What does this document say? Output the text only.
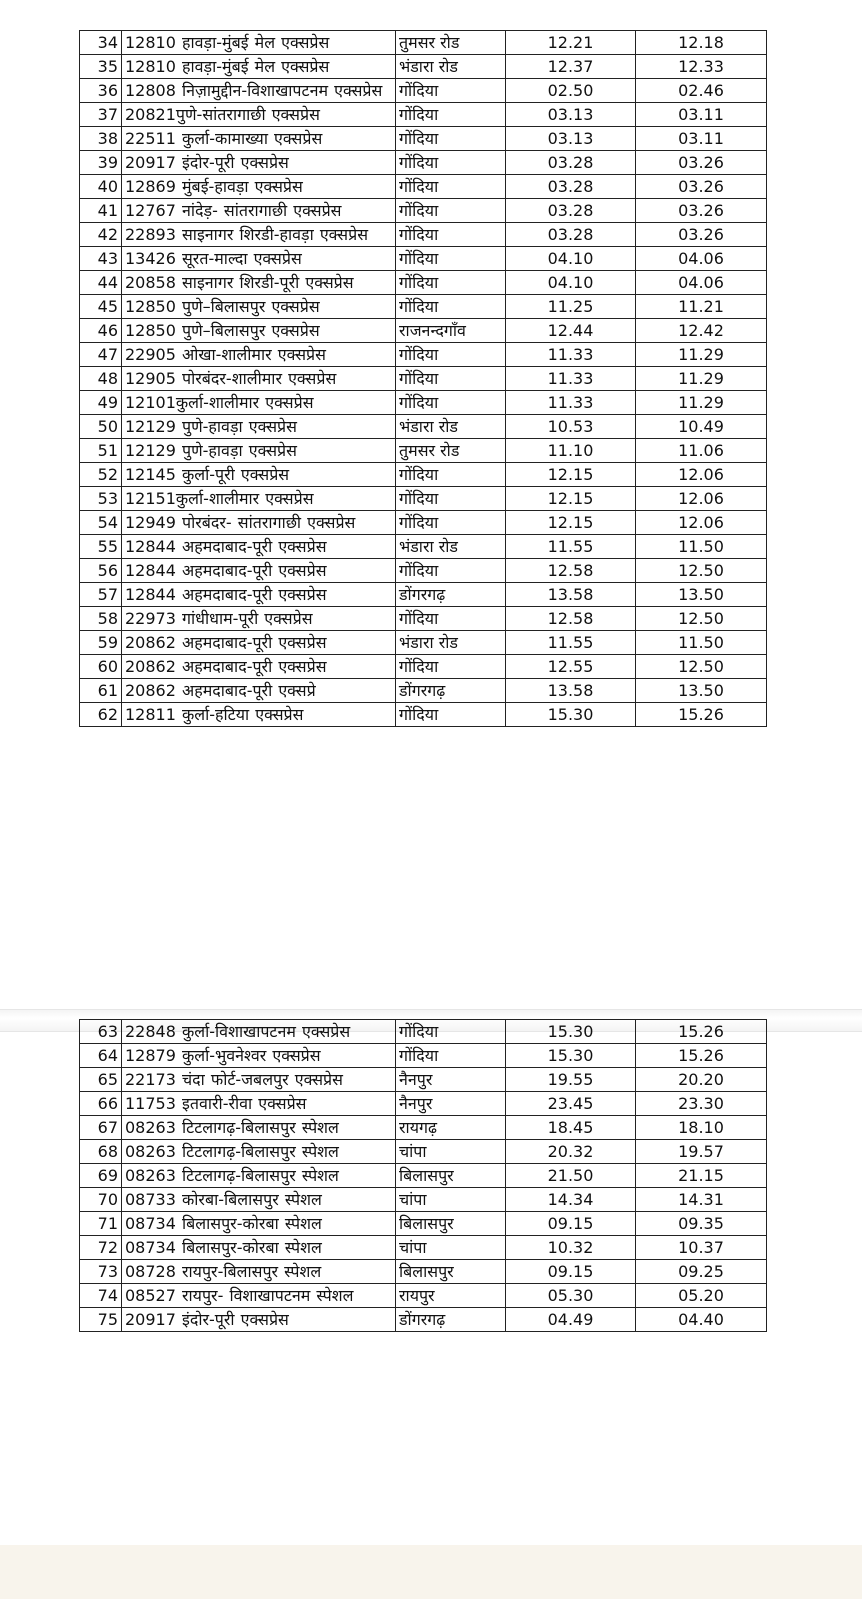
34	12810 हावड़ा-मुंबई मेल एक्सप्रेस	तुमसर रोड	12.21	12.18
35	12810 हावड़ा-मुंबई मेल एक्सप्रेस	भंडारा रोड	12.37	12.33
36	12808 निज़ामुद्दीन-विशाखापटनम एक्सप्रेस	गोंदिया	02.50	02.46
37	20821पुणे-सांतरागाछी एक्सप्रेस	गोंदिया	03.13	03.11
38	22511 कुर्ला-कामाख्या एक्सप्रेस	गोंदिया	03.13	03.11
39	20917 इंदोर-पूरी एक्सप्रेस	गोंदिया	03.28	03.26
40	12869 मुंबई-हावड़ा एक्सप्रेस	गोंदिया	03.28	03.26
41	12767 नांदेड़- सांतरागाछी एक्सप्रेस	गोंदिया	03.28	03.26
42	22893 साइनागर शिरडी-हावड़ा एक्सप्रेस	गोंदिया	03.28	03.26
43	13426 सूरत-माल्दा एक्सप्रेस	गोंदिया	04.10	04.06
44	20858 साइनागर शिरडी-पूरी एक्सप्रेस	गोंदिया	04.10	04.06
45	12850 पुणे–बिलासपुर एक्सप्रेस	गोंदिया	11.25	11.21
46	12850 पुणे–बिलासपुर एक्सप्रेस	राजनन्दगाँव	12.44	12.42
47	22905 ओखा-शालीमार एक्सप्रेस	गोंदिया	11.33	11.29
48	12905 पोरबंदर-शालीमार एक्सप्रेस	गोंदिया	11.33	11.29
49	12101कुर्ला-शालीमार एक्सप्रेस	गोंदिया	11.33	11.29
50	12129 पुणे-हावड़ा एक्सप्रेस	भंडारा रोड	10.53	10.49
51	12129 पुणे-हावड़ा एक्सप्रेस	तुमसर रोड	11.10	11.06
52	12145 कुर्ला-पूरी एक्सप्रेस	गोंदिया	12.15	12.06
53	12151कुर्ला-शालीमार एक्सप्रेस	गोंदिया	12.15	12.06
54	12949 पोरबंदर- सांतरागाछी एक्सप्रेस	गोंदिया	12.15	12.06
55	12844 अहमदाबाद-पूरी एक्सप्रेस	भंडारा रोड	11.55	11.50
56	12844 अहमदाबाद-पूरी एक्सप्रेस	गोंदिया	12.58	12.50
57	12844 अहमदाबाद-पूरी एक्सप्रेस	डोंगरगढ़	13.58	13.50
58	22973 गांधीधाम-पूरी एक्सप्रेस	गोंदिया	12.58	12.50
59	20862 अहमदाबाद-पूरी एक्सप्रेस	भंडारा रोड	11.55	11.50
60	20862 अहमदाबाद-पूरी एक्सप्रेस	गोंदिया	12.55	12.50
61	20862 अहमदाबाद-पूरी एक्सप्रे	डोंगरगढ़	13.58	13.50
62	12811 कुर्ला-हटिया एक्सप्रेस	गोंदिया	15.30	15.26
63	22848 कुर्ला-विशाखापटनम एक्सप्रेस	गोंदिया	15.30	15.26
64	12879 कुर्ला-भुवनेश्वर एक्सप्रेस	गोंदिया	15.30	15.26
65	22173 चंदा फोर्ट-जबलपुर एक्सप्रेस	नैनपुर	19.55	20.20
66	11753 इतवारी-रीवा एक्सप्रेस	नैनपुर	23.45	23.30
67	08263 टिटलागढ़-बिलासपुर स्पेशल	रायगढ़	18.45	18.10
68	08263 टिटलागढ़-बिलासपुर स्पेशल	चांपा	20.32	19.57
69	08263 टिटलागढ़-बिलासपुर स्पेशल	बिलासपुर	21.50	21.15
70	08733 कोरबा-बिलासपुर स्पेशल	चांपा	14.34	14.31
71	08734 बिलासपुर-कोरबा स्पेशल	बिलासपुर	09.15	09.35
72	08734 बिलासपुर-कोरबा स्पेशल	चांपा	10.32	10.37
73	08728 रायपुर-बिलासपुर स्पेशल	बिलासपुर	09.15	09.25
74	08527 रायपुर- विशाखापटनम स्पेशल	रायपुर	05.30	05.20
75	20917 इंदोर-पूरी एक्सप्रेस	डोंगरगढ़	04.49	04.40
